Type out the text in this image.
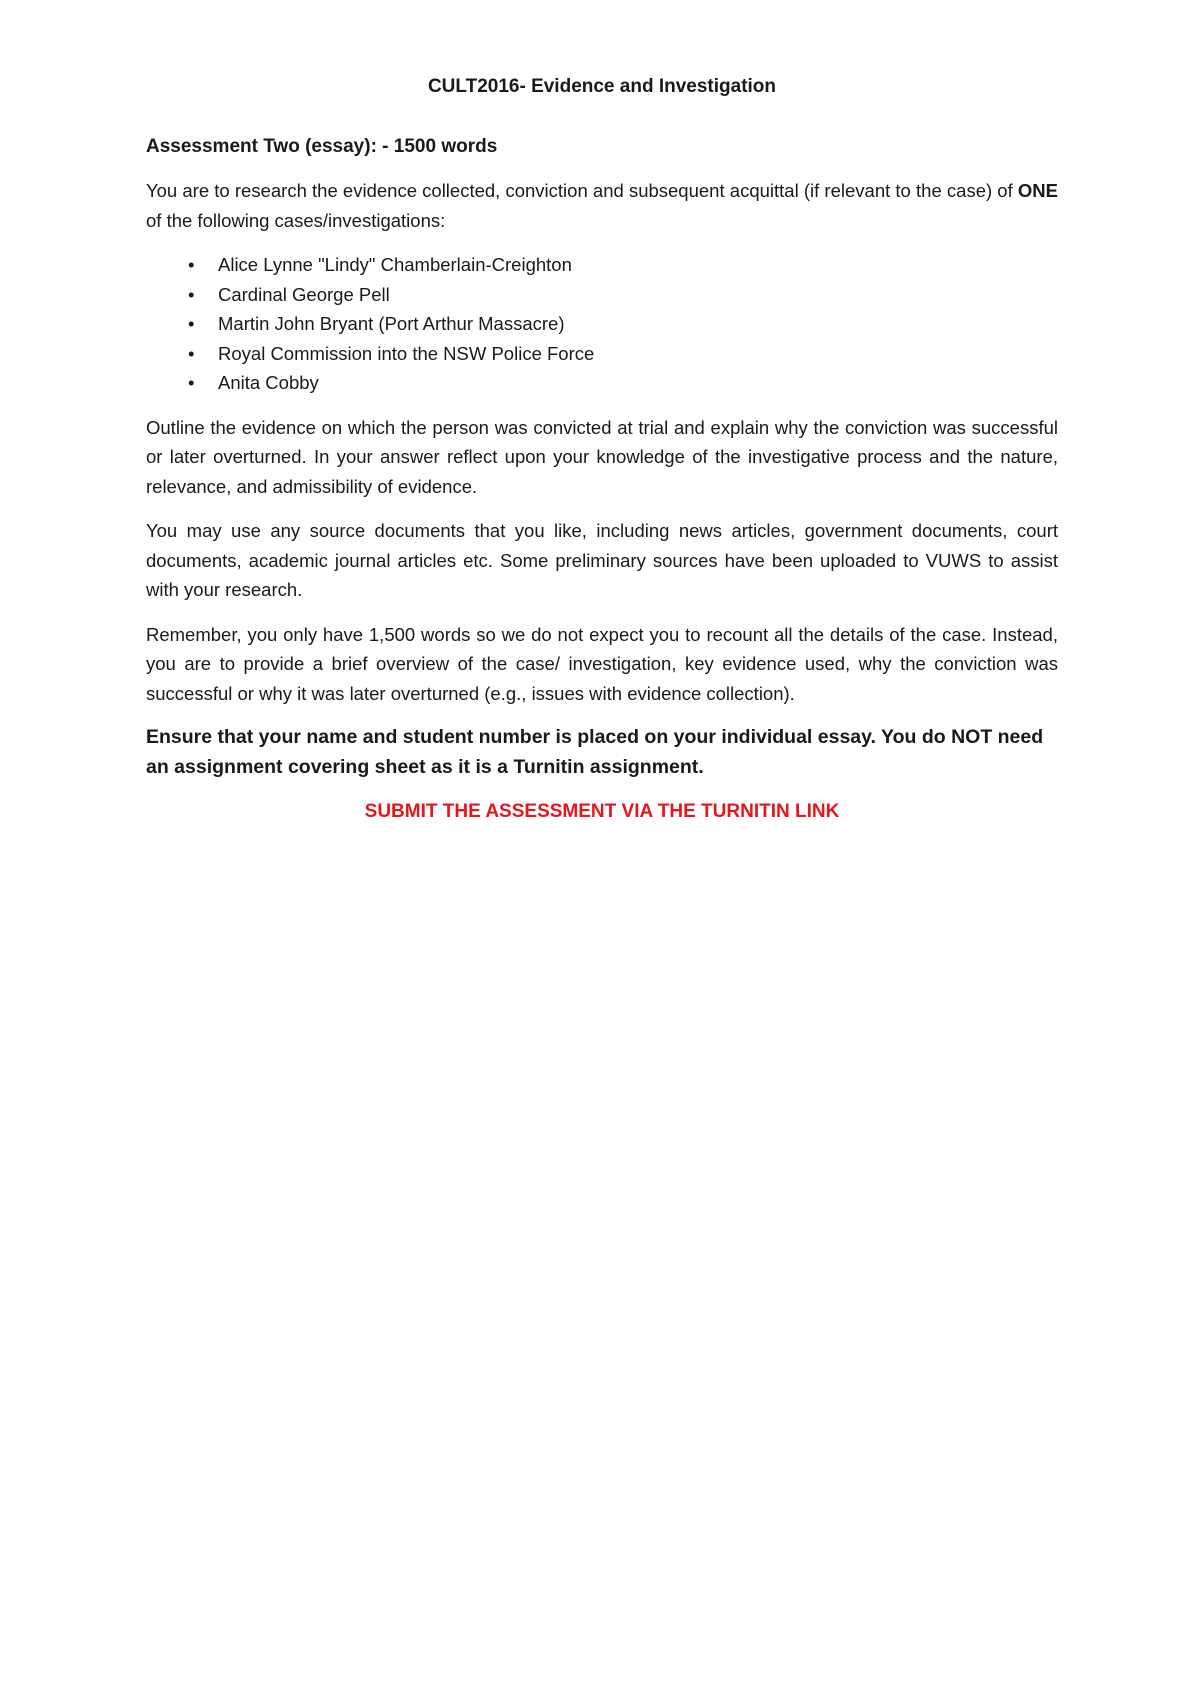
CULT2016- Evidence and Investigation
Assessment Two (essay): - 1500 words

You are to research the evidence collected, conviction and subsequent acquittal (if relevant to the case) of ONE of the following cases/investigations:

• Alice Lynne "Lindy" Chamberlain-Creighton
• Cardinal George Pell
• Martin John Bryant (Port Arthur Massacre)
• Royal Commission into the NSW Police Force
• Anita Cobby

Outline the evidence on which the person was convicted at trial and explain why the conviction was successful or later overturned. In your answer reflect upon your knowledge of the investigative process and the nature, relevance, and admissibility of evidence.

You may use any source documents that you like, including news articles, government documents, court documents, academic journal articles etc. Some preliminary sources have been uploaded to VUWS to assist with your research.

Remember, you only have 1,500 words so we do not expect you to recount all the details of the case. Instead, you are to provide a brief overview of the case/ investigation, key evidence used, why the conviction was successful or why it was later overturned (e.g., issues with evidence collection).

Ensure that your name and student number is placed on your individual essay. You do NOT need an assignment covering sheet as it is a Turnitin assignment.
SUBMIT THE ASSESSMENT VIA THE TURNITIN LINK
